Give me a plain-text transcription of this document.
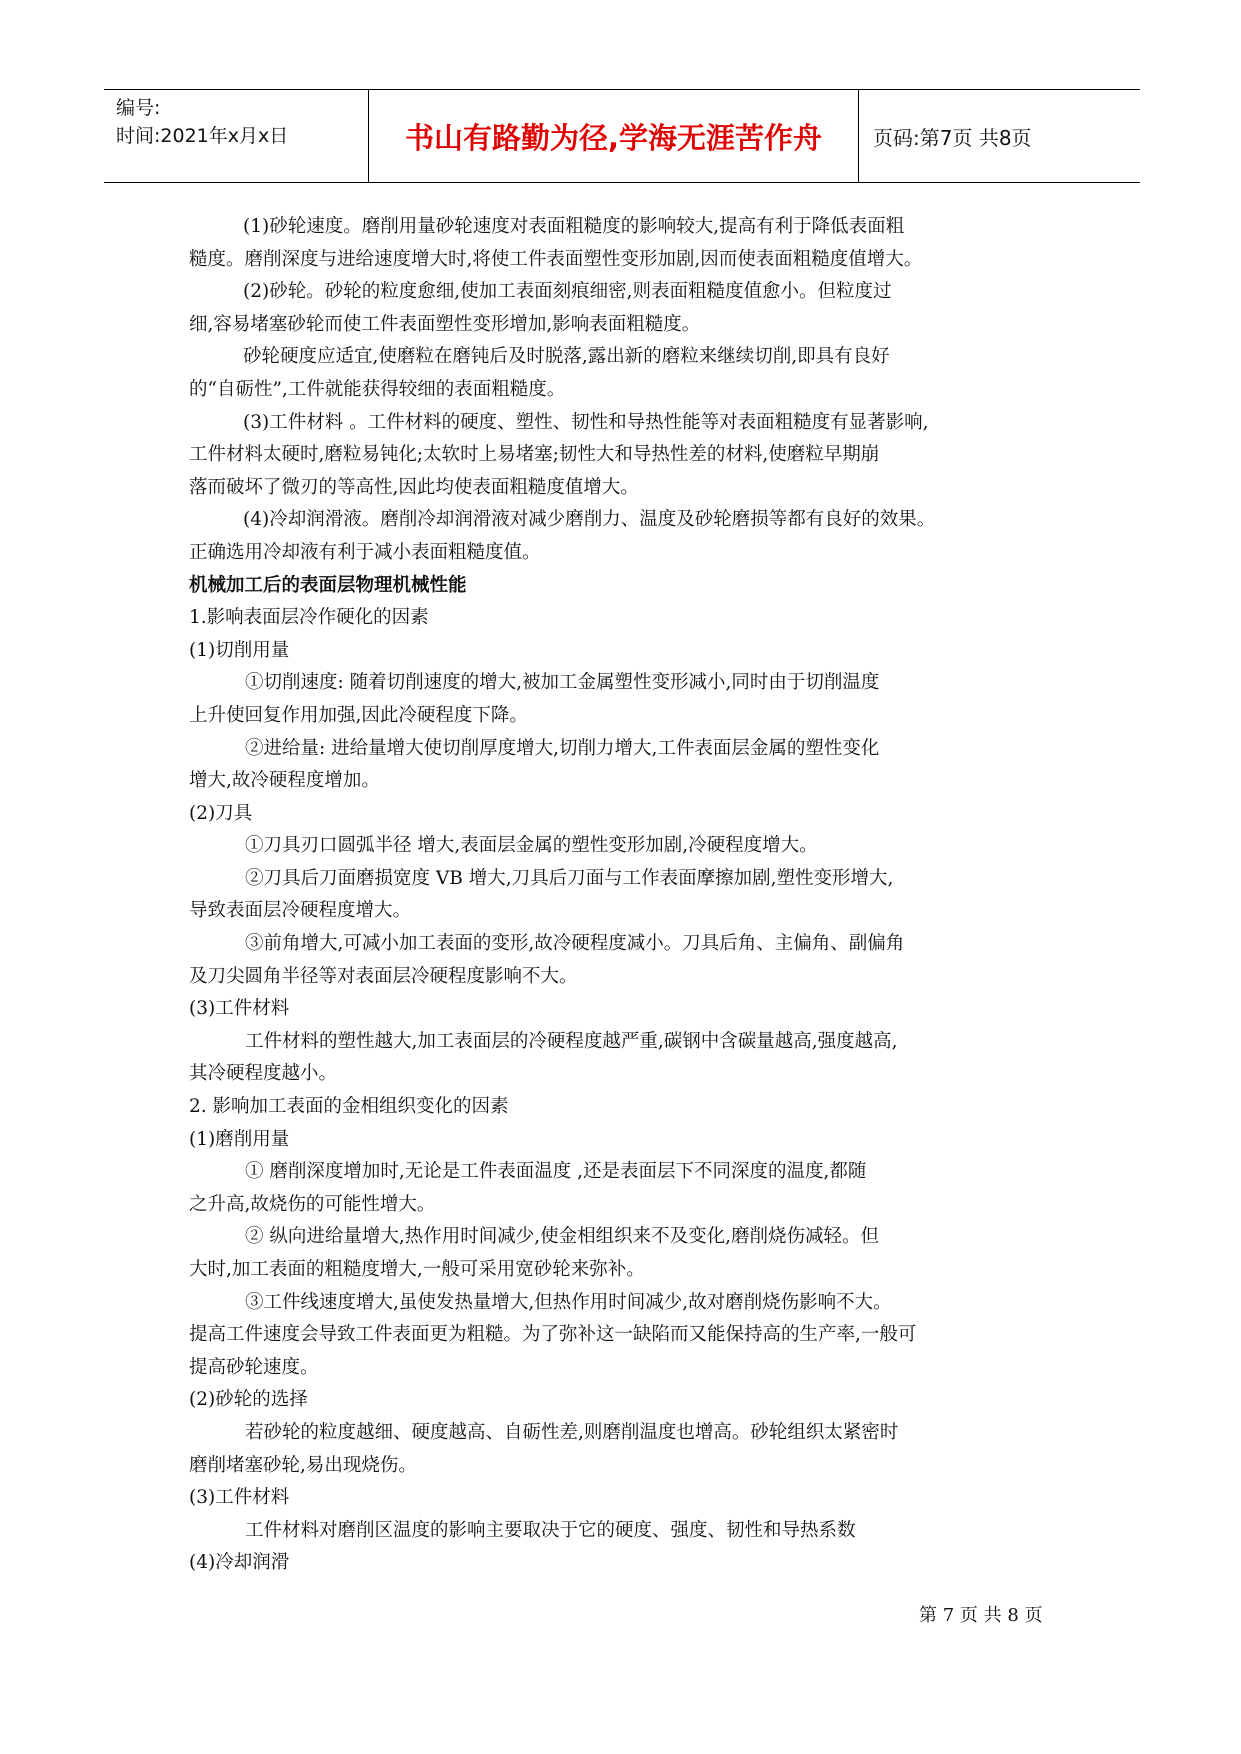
编号:
时间:2021年x月x日	书山有路勤为径,学海无涯苦作舟	页码:第7页 共8页
(1)砂轮速度。磨削用量砂轮速度对表面粗糙度的影响较大,提高有利于降低表面粗
糙度。磨削深度与进给速度增大时,将使工件表面塑性变形加剧,因而使表面粗糙度值增大。
(2)砂轮。砂轮的粒度愈细,使加工表面刻痕细密,则表面粗糙度值愈小。但粒度过
细,容易堵塞砂轮而使工件表面塑性变形增加,影响表面粗糙度。
砂轮硬度应适宜,使磨粒在磨钝后及时脱落,露出新的磨粒来继续切削,即具有良好
的“自砺性”,工件就能获得较细的表面粗糙度。
(3)工件材料 。工件材料的硬度、塑性、韧性和导热性能等对表面粗糙度有显著影响,
工件材料太硬时,磨粒易钝化;太软时上易堵塞;韧性大和导热性差的材料,使磨粒早期崩
落而破坏了微刃的等高性,因此均使表面粗糙度值增大。
(4)冷却润滑液。磨削冷却润滑液对减少磨削力、温度及砂轮磨损等都有良好的效果。
正确选用冷却液有利于减小表面粗糙度值。
机械加工后的表面层物理机械性能
1.影响表面层冷作硬化的因素
(1)切削用量
①切削速度: 随着切削速度的增大,被加工金属塑性变形减小,同时由于切削温度
上升使回复作用加强,因此冷硬程度下降。
②进给量: 进给量增大使切削厚度增大,切削力增大,工件表面层金属的塑性变化
增大,故冷硬程度增加。
(2)刀具
①刀具刃口圆弧半径 增大,表面层金属的塑性变形加剧,冷硬程度增大。
②刀具后刀面磨损宽度 VB 增大,刀具后刀面与工作表面摩擦加剧,塑性变形增大,
导致表面层冷硬程度增大。
③前角增大,可减小加工表面的变形,故冷硬程度减小。刀具后角、主偏角、副偏角
及刀尖圆角半径等对表面层冷硬程度影响不大。
(3)工件材料
工件材料的塑性越大,加工表面层的冷硬程度越严重,碳钢中含碳量越高,强度越高,
其冷硬程度越小。
2. 影响加工表面的金相组织变化的因素
(1)磨削用量
① 磨削深度增加时,无论是工件表面温度 ,还是表面层下不同深度的温度,都随
之升高,故烧伤的可能性增大。
② 纵向进给量增大,热作用时间减少,使金相组织来不及变化,磨削烧伤减轻。但
大时,加工表面的粗糙度增大,一般可采用宽砂轮来弥补。
③工件线速度增大,虽使发热量增大,但热作用时间减少,故对磨削烧伤影响不大。
提高工件速度会导致工件表面更为粗糙。为了弥补这一缺陷而又能保持高的生产率,一般可
提高砂轮速度。
(2)砂轮的选择
若砂轮的粒度越细、硬度越高、自砺性差,则磨削温度也增高。砂轮组织太紧密时
磨削堵塞砂轮,易出现烧伤。
(3)工件材料
工件材料对磨削区温度的影响主要取决于它的硬度、强度、韧性和导热系数
(4)冷却润滑
第 7 页 共 8 页
